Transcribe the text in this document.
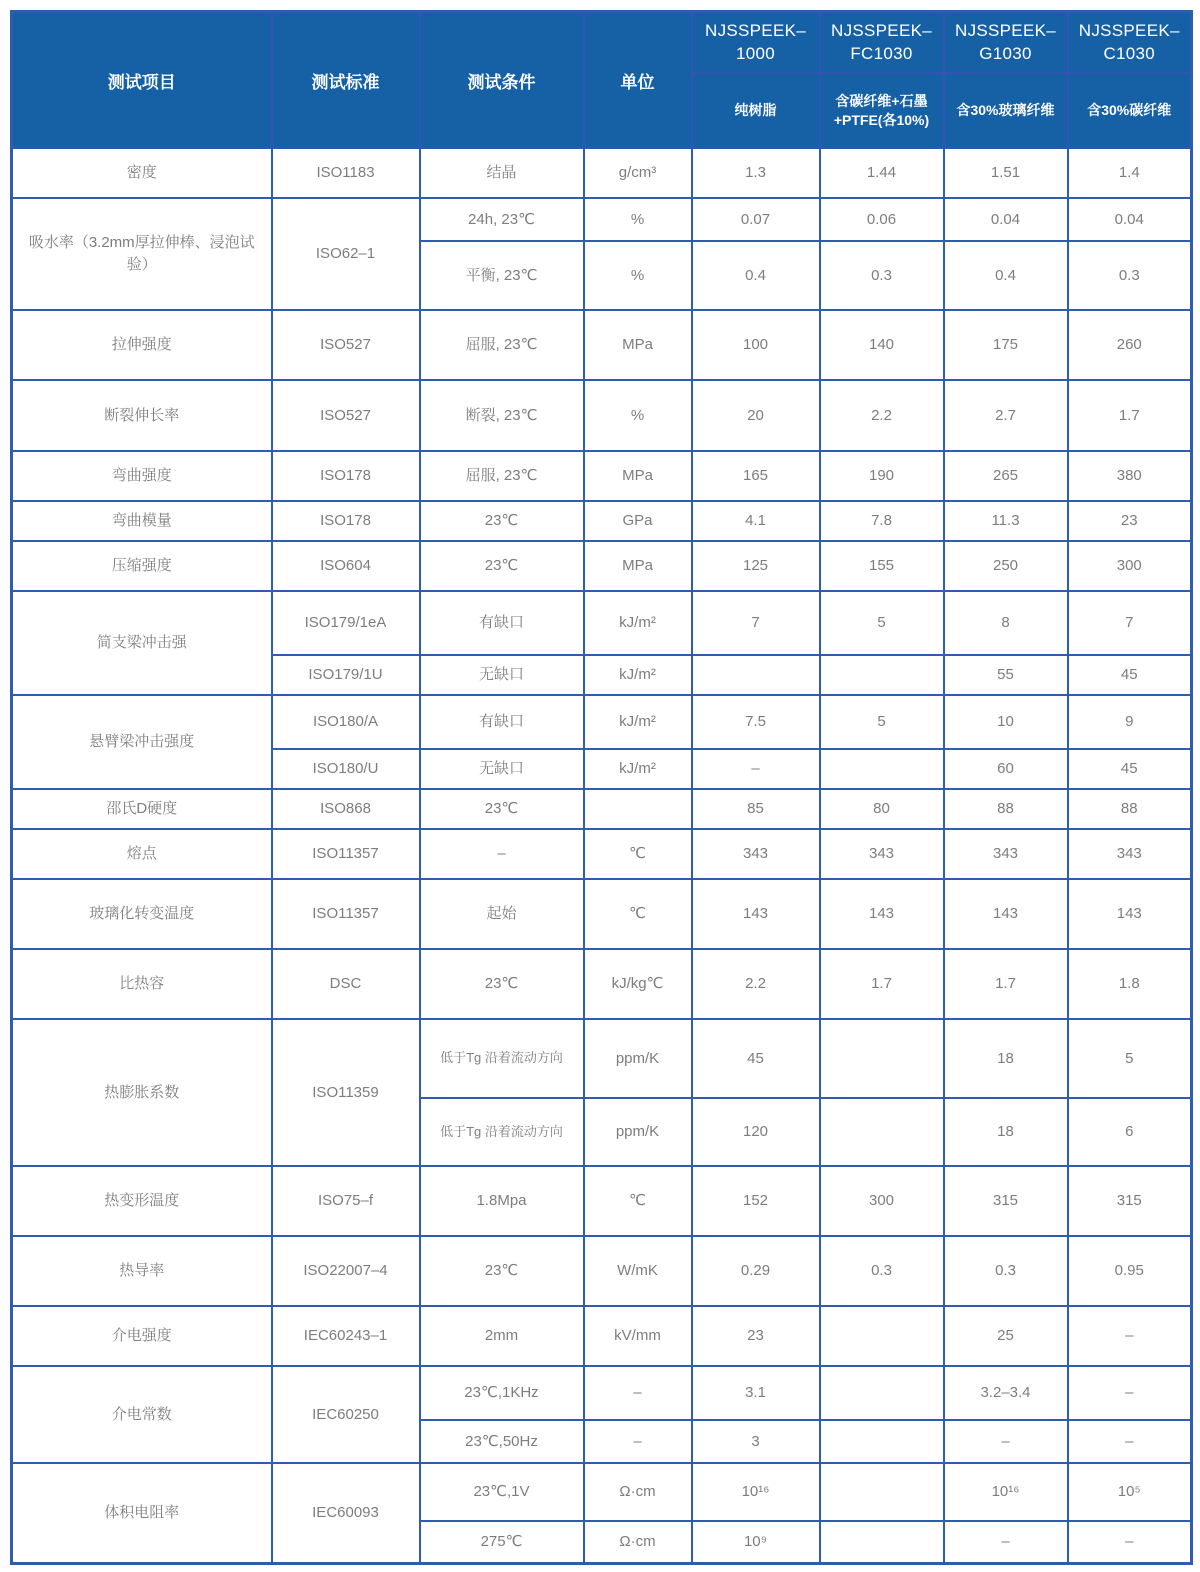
测试项目	测试标准	测试条件	单位	NJSSPEEK–1000	NJSSPEEK–FC1030	NJSSPEEK–G1030	NJSSPEEK–C1030
				纯树脂	含碳纤维+石墨+PTFE(各10%)	含30%玻璃纤维	含30%碳纤维
密度	ISO1183	结晶	g/cm³	1.3	1.44	1.51	1.4
吸水率（3.2mm厚拉伸棒、浸泡试验）	ISO62–1	24h, 23℃	%	0.07	0.06	0.04	0.04
		平衡, 23℃	%	0.4	0.3	0.4	0.3
拉伸强度	ISO527	屈服, 23℃	MPa	100	140	175	260
断裂伸长率	ISO527	断裂, 23℃	%	20	2.2	2.7	1.7
弯曲强度	ISO178	屈服, 23℃	MPa	165	190	265	380
弯曲模量	ISO178	23℃	GPa	4.1	7.8	11.3	23
压缩强度	ISO604	23℃	MPa	125	155	250	300
简支梁冲击强	ISO179/1eA	有缺口	kJ/m²	7	5	8	7
	ISO179/1U	无缺口	kJ/m²			55	45
悬臂梁冲击强度	ISO180/A	有缺口	kJ/m²	7.5	5	10	9
	ISO180/U	无缺口	kJ/m²	–		60	45
邵氏D硬度	ISO868	23℃		85	80	88	88
熔点	ISO11357	–	℃	343	343	343	343
玻璃化转变温度	ISO11357	起始	℃	143	143	143	143
比热容	DSC	23℃	kJ/kg℃	2.2	1.7	1.7	1.8
热膨胀系数	ISO11359	低于Tg 沿着流动方向	ppm/K	45		18	5
		低于Tg 沿着流动方向	ppm/K	120		18	6
热变形温度	ISO75–f	1.8Mpa	℃	152	300	315	315
热导率	ISO22007–4	23℃	W/mK	0.29	0.3	0.3	0.95
介电强度	IEC60243–1	2mm	kV/mm	23		25	–
介电常数	IEC60250	23℃,1KHz	–	3.1		3.2–3.4	–
		23℃,50Hz	–	3		–	–
体积电阻率	IEC60093	23℃,1V	Ω·cm	10¹⁶		10¹⁶	10⁵
		275℃	Ω·cm	10⁹		–	–
